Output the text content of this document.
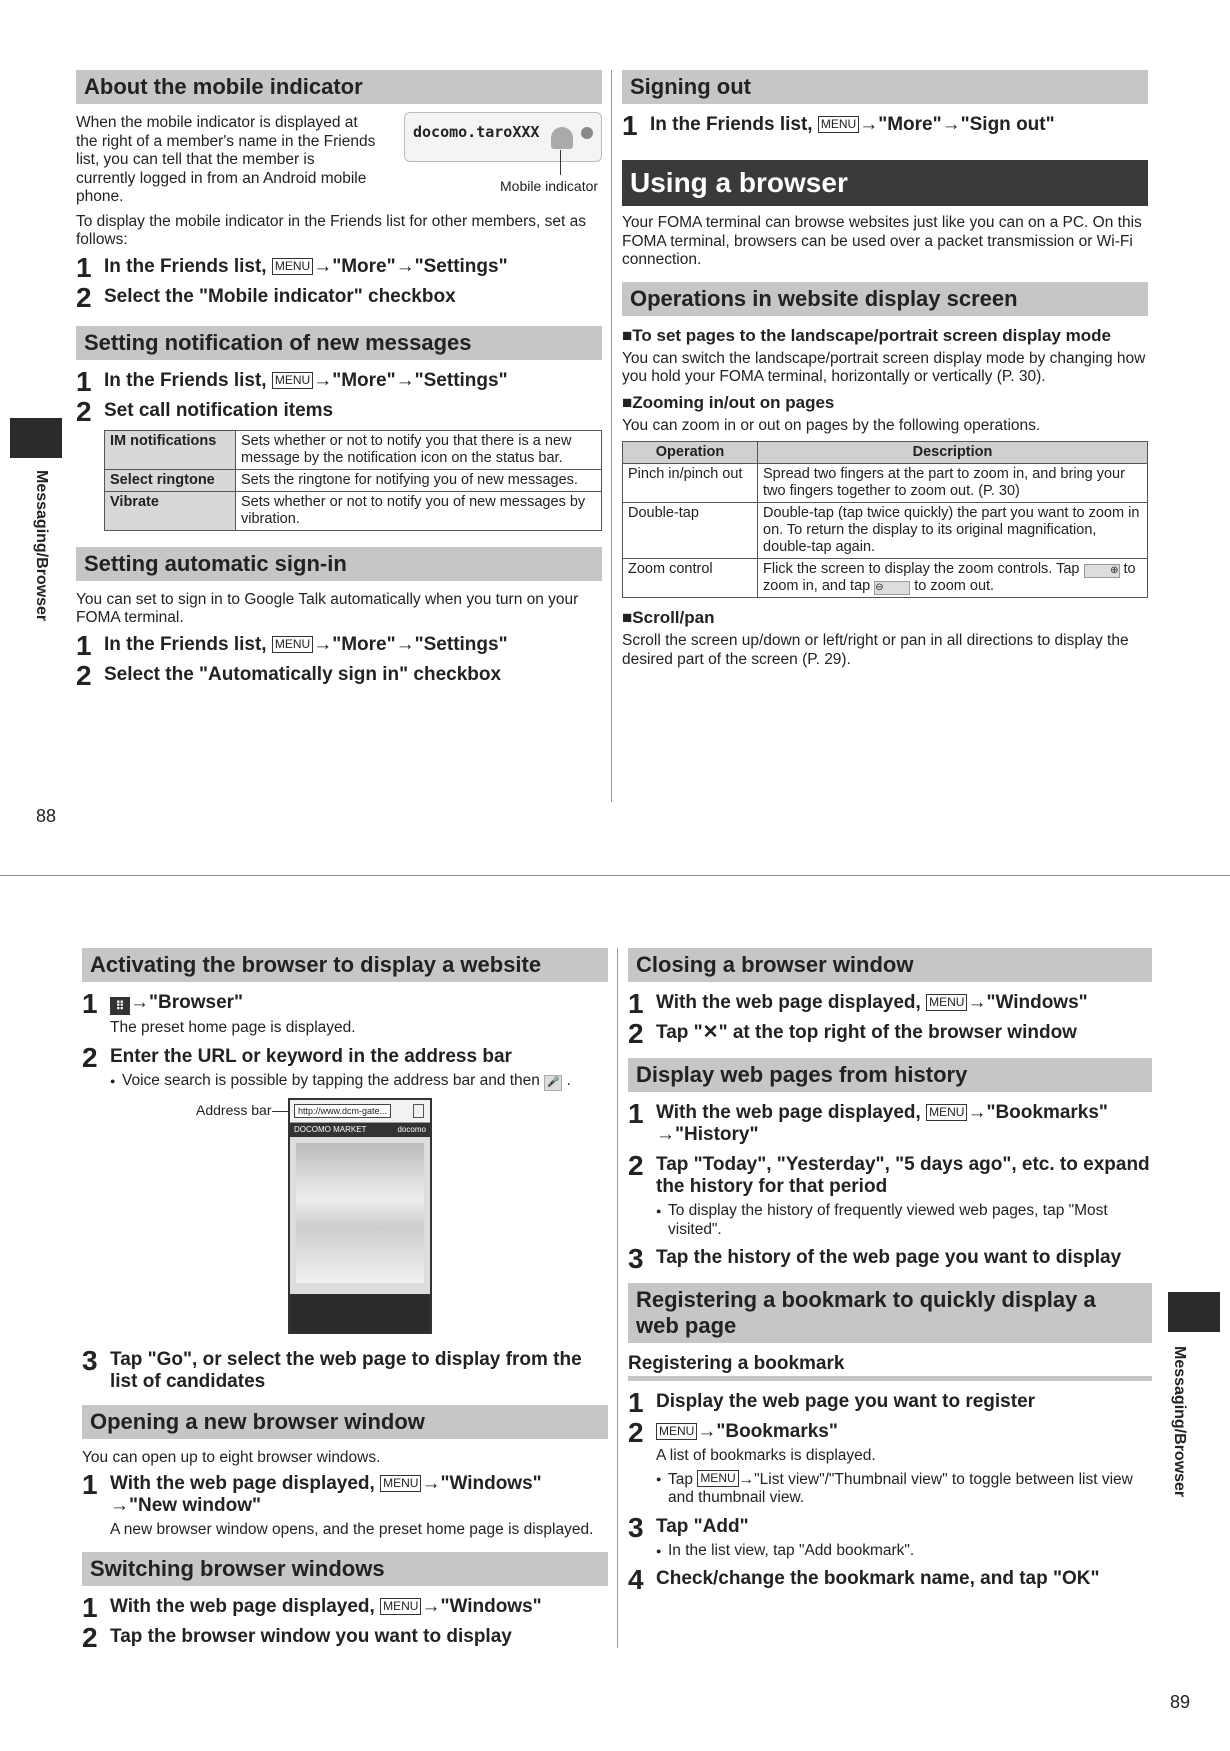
About the mobile indicator
When the mobile indicator is displayed at the right of a member's name in the Friends list, you can tell that the member is currently logged in from an Android mobile phone.
To display the mobile indicator in the Friends list for other members, set as follows:
1 In the Friends list, MENU →"More"→"Settings"
2 Select the "Mobile indicator" checkbox
Setting notification of new messages
1 In the Friends list, MENU →"More"→"Settings"
2 Set call notification items
IM notifications	Sets whether or not to notify you that there is a new message by the notification icon on the status bar.
Select ringtone	Sets the ringtone for notifying you of new messages.
Vibrate	Sets whether or not to notify you of new messages by vibration.
Setting automatic sign-in
You can set to sign in to Google Talk automatically when you turn on your FOMA terminal.
1 In the Friends list, MENU →"More"→"Settings"
2 Select the "Automatically sign in" checkbox
docomo.taroXXX
Mobile indicator
Signing out
1 In the Friends list, MENU →"More"→"Sign out"
Using a browser
Your FOMA terminal can browse websites just like you can on a PC. On this FOMA terminal, browsers can be used over a packet transmission or Wi-Fi connection.
Operations in website display screen
■To set pages to the landscape/portrait screen display mode
You can switch the landscape/portrait screen display mode by changing how you hold your FOMA terminal, horizontally or vertically (P. 30).
■Zooming in/out on pages
You can zoom in or out on pages by the following operations.
Operation	Description
Pinch in/pinch out	Spread two fingers at the part to zoom in, and bring your two fingers together to zoom out. (P. 30)
Double-tap	Double-tap (tap twice quickly) the part you want to zoom in on. To return the display to its original magnification, double-tap again.
Zoom control	Flick the screen to display the zoom controls. Tap ⊕ to zoom in, and tap ⊖ to zoom out.
■Scroll/pan
Scroll the screen up/down or left/right or pan in all directions to display the desired part of the screen (P. 29).
Messaging/Browser
88
Activating the browser to display a website
1 ⠿ →"Browser"
The preset home page is displayed.
2 Enter the URL or keyword in the address bar
● Voice search is possible by tapping the address bar and then 🎤 .
3 Tap "Go", or select the web page to display from the list of candidates
Opening a new browser window
You can open up to eight browser windows.
1 With the web page displayed, MENU →"Windows"
→"New window"
A new browser window opens, and the preset home page is displayed.
Switching browser windows
1 With the web page displayed, MENU →"Windows"
2 Tap the browser window you want to display
Address bar	http://www.dcm-gate...
DOCOMO MARKET	docomo
Closing a browser window
1 With the web page displayed, MENU →"Windows"
2 Tap "✕" at the top right of the browser window
Display web pages from history
1 With the web page displayed, MENU →"Bookmarks"
→"History"
2 Tap "Today", "Yesterday", "5 days ago", etc. to expand the history for that period
● To display the history of frequently viewed web pages, tap "Most visited".
3 Tap the history of the web page you want to display
Registering a bookmark to quickly display a web page
Registering a bookmark
1 Display the web page you want to register
2 MENU →"Bookmarks"
A list of bookmarks is displayed.
● Tap MENU →"List view"/"Thumbnail view" to toggle between list view and thumbnail view.
3 Tap "Add"
● In the list view, tap "Add bookmark".
4 Check/change the bookmark name, and tap "OK"
Messaging/Browser
89
